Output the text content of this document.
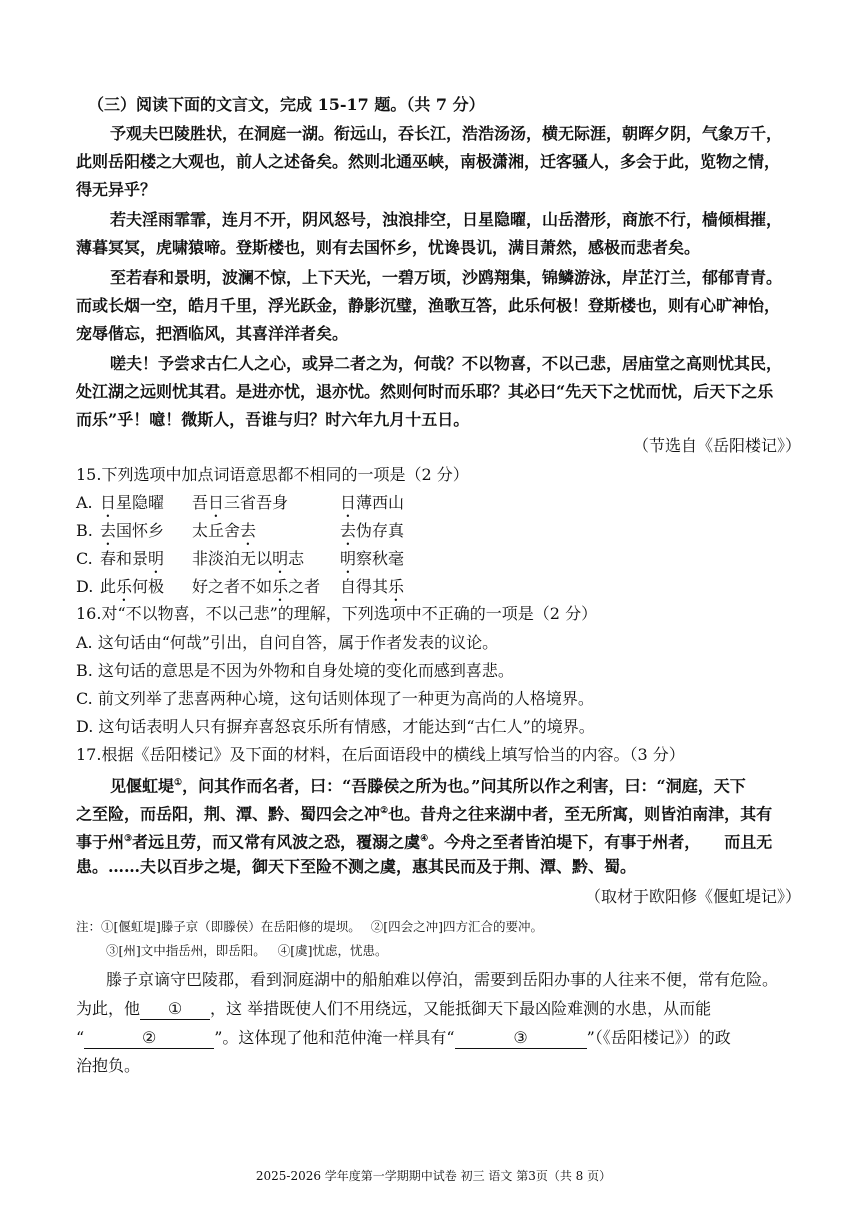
（三）阅读下面的文言文，完成 15-17 题。（共 7 分）
予观夫巴陵胜状，在洞庭一湖。衔远山，吞长江，浩浩汤汤，横无际涯，朝晖夕阴，气象万千，
此则岳阳楼之大观也，前人之述备矣。然则北通巫峡，南极潇湘，迁客骚人，多会于此，览物之情，
得无异乎？
若夫淫雨霏霏，连月不开，阴风怒号，浊浪排空，日星隐曜，山岳潜形，商旅不行，樯倾楫摧，
薄暮冥冥，虎啸猿啼。登斯楼也，则有去国怀乡，忧谗畏讥，满目萧然，感极而悲者矣。
至若春和景明，波澜不惊，上下天光，一碧万顷，沙鸥翔集，锦鳞游泳，岸芷汀兰，郁郁青青。
而或长烟一空，皓月千里，浮光跃金，静影沉璧，渔歌互答，此乐何极！登斯楼也，则有心旷神怡，
宠辱偕忘，把酒临风，其喜洋洋者矣。
嗟夫！予尝求古仁人之心，或异二者之为，何哉？不以物喜，不以己悲，居庙堂之高则忧其民，
处江湖之远则忧其君。是进亦忧，退亦忧。然则何时而乐耶？其必曰“先天下之忧而忧，后天下之乐
而乐”乎！噫！微斯人，吾谁与归？时六年九月十五日。
（节选自《岳阳楼记》）
15.下列选项中加点词语意思都不相同的一项是（2 分）
A. 日星隐曜 吾日三省吾身	日薄西山
B. 去国怀乡 太丘舍去	去伪存真
C. 春和景明 非淡泊无以明志 明察秋毫
D. 此乐何极 好之者不如乐之者 自得其乐
16.对“不以物喜，不以己悲”的理解，下列选项中不正确的一项是（2 分）
A. 这句话由“何哉”引出，自问自答，属于作者发表的议论。
B. 这句话的意思是不因为外物和自身处境的变化而感到喜悲。
C. 前文列举了悲喜两种心境，这句话则体现了一种更为高尚的人格境界。
D. 这句话表明人只有摒弃喜怒哀乐所有情感，才能达到“古仁人”的境界。
17.根据《岳阳楼记》及下面的材料，在后面语段中的横线上填写恰当的内容。（3 分）
见偃虹堤①，问其作而名者，曰：“吾滕侯之所为也。”问其所以作之利害，曰：“洞庭，天下
之至险，而岳阳，荆、潭、黔、蜀四会之冲②也。昔舟之往来湖中者，至无所寓，则皆泊南津，其有
事于州③者远且劳，而又常有风波之恐，覆溺之虞④。今舟之至者皆泊堤下，有事于州者， 而且无
患。……夫以百步之堤，御天下至险不测之虞，惠其民而及于荆、潭、黔、蜀。
（取材于欧阳修《偃虹堤记》）
注：①[偃虹堤]滕子京（即滕侯）在岳阳修的堤坝。 ②[四会之冲]四方汇合的要冲。
③[州]文中指岳州，即岳阳。 ④[虞]忧虑，忧患。
滕子京谪守巴陵郡，看到洞庭湖中的船舶难以停泊，需要到岳阳办事的人往来不便，常有危险。
为此，他 ① ，这 举措既使人们不用绕远，又能抵御天下最凶险难测的水患，从而能
“	②	”。这体现了他和范仲淹一样具有“	③	”（《岳阳楼记》）的政
治抱负。
2025-2026 学年度第一学期期中试卷 初三 语文 第3页（共 8 页）
